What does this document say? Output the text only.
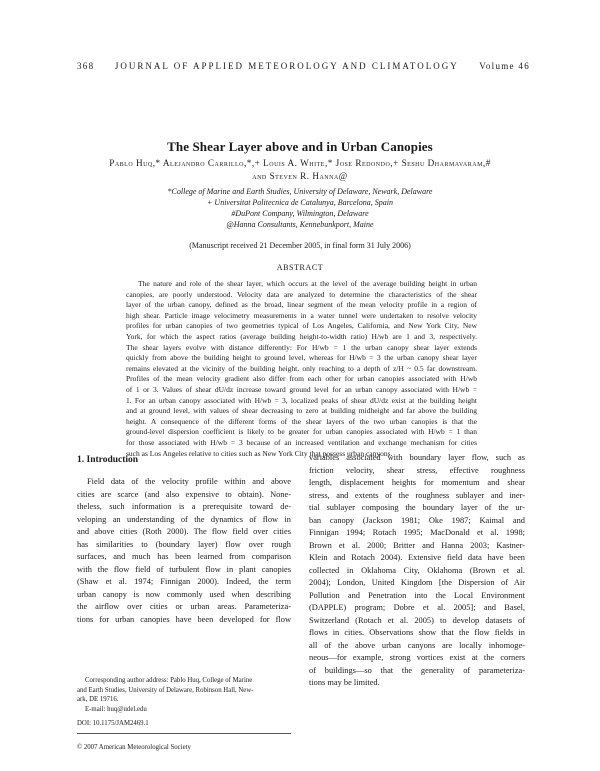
368 JOURNAL OF APPLIED METEOROLOGY AND CLIMATOLOGY Volume 46
The Shear Layer above and in Urban Canopies
Pablo Huq,* Alejandro Carrillo,*,+ Louis A. White,* Jose Redondo,+ Seshu Dharmavaram,#
and Steven R. Hanna@
*College of Marine and Earth Studies, University of Delaware, Newark, Delaware
+ Universitat Politecnica de Catalunya, Barcelona, Spain
#DuPont Company, Wilmington, Delaware
@Hanna Consultants, Kennebunkport, Maine
(Manuscript received 21 December 2005, in final form 31 July 2006)
ABSTRACT
The nature and role of the shear layer, which occurs at the level of the average building height in urban
canopies, are poorly understood. Velocity data are analyzed to determine the characteristics of the shear
layer of the urban canopy, defined as the broad, linear segment of the mean velocity profile in a region of
high shear. Particle image velocimetry measurements in a water tunnel were undertaken to resolve velocity
profiles for urban canopies of two geometries typical of Los Angeles, California, and New York City, New
York, for which the aspect ratios (average building height-to-width ratio) H/wb are 1 and 3, respectively.
The shear layers evolve with distance differently: For H/wb = 1 the urban canopy shear layer extends
quickly from above the building height to ground level, whereas for H/wb = 3 the urban canopy shear layer
remains elevated at the vicinity of the building height, only reaching to a depth of z/H ~ 0.5 far downstream.
Profiles of the mean velocity gradient also differ from each other for urban canopies associated with H/wb
of 1 or 3. Values of shear dU/dz increase toward ground level for an urban canopy associated with H/wb =
1. For an urban canopy associated with H/wb = 3, localized peaks of shear dU/dz exist at the building height
and at ground level, with values of shear decreasing to zero at building midheight and far above the building
height. A consequence of the different forms of the shear layers of the two urban canopies is that the
ground-level dispersion coefficient is likely to be greater for urban canopies associated with H/wb = 1 than
for those associated with H/wb = 3 because of an increased ventilation and exchange mechanism for cities
such as Los Angeles relative to cities such as New York City that possess urban canyons.
1. Introduction
Field data of the velocity profile within and above
cities are scarce (and also expensive to obtain). None-
theless, such information is a prerequisite toward de-
veloping an understanding of the dynamics of flow in
and above cities (Roth 2000). The flow field over cities
has similarities to (boundary layer) flow over rough
surfaces, and much has been learned from comparison
with the flow field of turbulent flow in plant canopies
(Shaw et al. 1974; Finnigan 2000). Indeed, the term
urban canopy is now commonly used when describing
the airflow over cities or urban areas. Parameteriza-
tions for urban canopies have been developed for flow
variables associated with boundary layer flow, such as
friction velocity, shear stress, effective roughness
length, displacement heights for momentum and shear
stress, and extents of the roughness sublayer and iner-
tial sublayer composing the boundary layer of the ur-
ban canopy (Jackson 1981; Oke 1987; Kaimal and
Finnigan 1994; Rotach 1995; MacDonald et al. 1998;
Brown et al. 2000; Britter and Hanna 2003; Kastner-
Klein and Rotach 2004). Extensive field data have been
collected in Oklahoma City, Oklahoma (Brown et al.
2004); London, United Kingdom [the Dispersion of Air
Pollution and Penetration into the Local Environment
(DAPPLE) program; Dobre et al. 2005]; and Basel,
Switzerland (Rotach et al. 2005) to develop datasets of
flows in cities. Observations show that the flow fields in
all of the above urban canyons are locally inhomoge-
neous—for example, strong vortices exist at the corners
of buildings—so that the generality of parameteriza-
tions may be limited.
Corresponding author address: Pablo Huq, College of Marine
and Earth Studies, University of Delaware, Robinson Hall, New-
ark, DE 19716.
E-mail: huq@udel.edu
DOI: 10.1175/JAM2469.1
© 2007 American Meteorological Society
